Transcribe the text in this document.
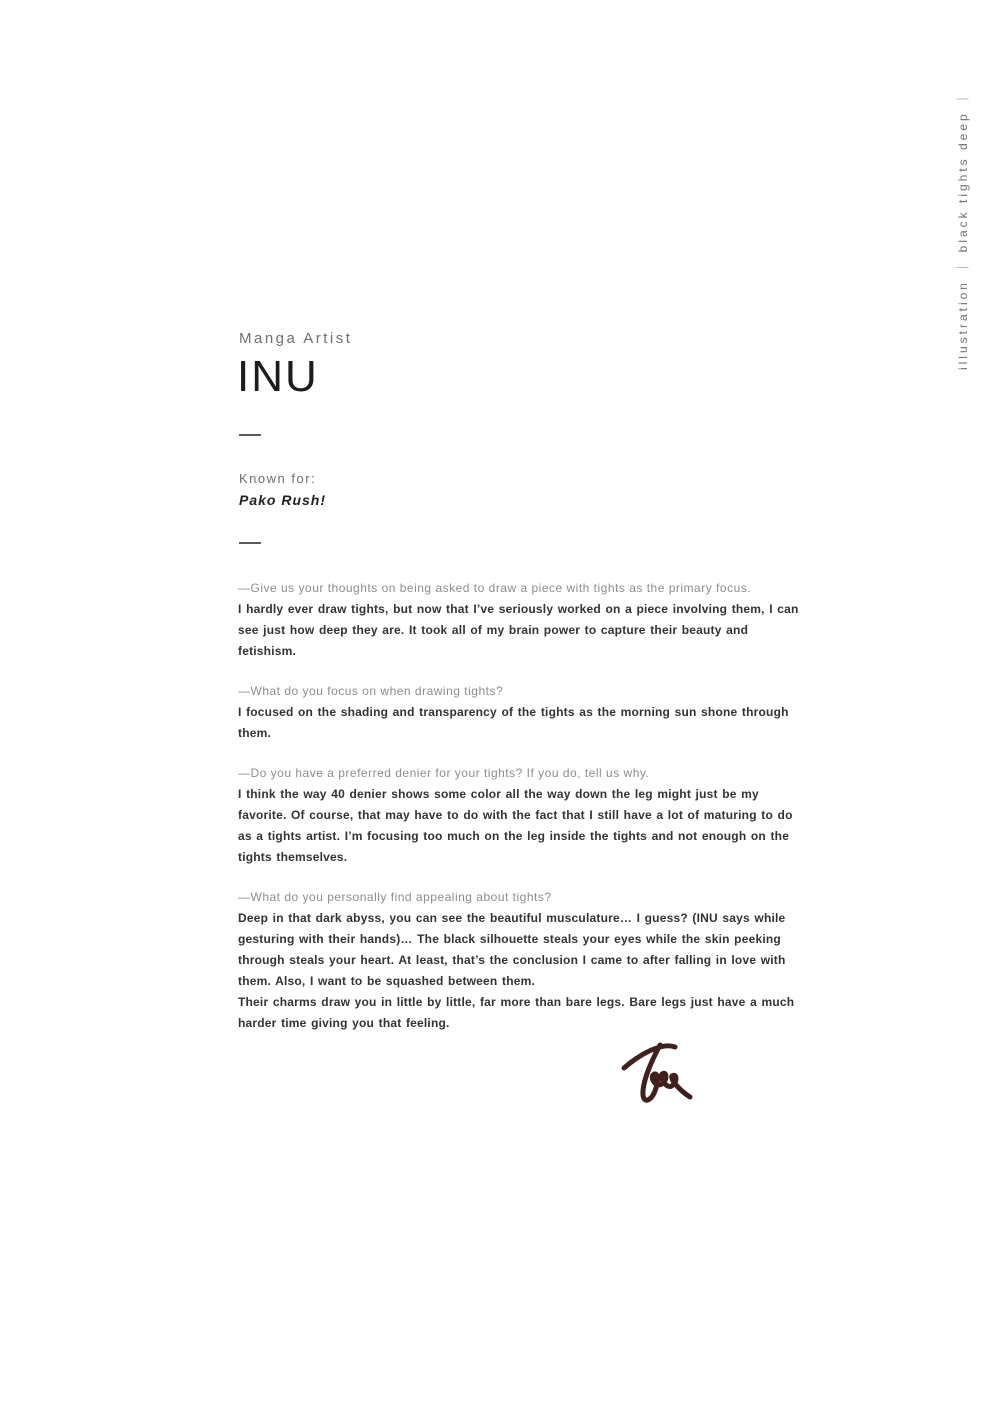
illustration ｜ black tights deep ｜
Manga Artist
INU
Known for:
Pako Rush!

—Give us your thoughts on being asked to draw a piece with tights as the primary focus.

I hardly ever draw tights, but now that I’ve seriously worked on a piece involving them, I can see just how deep they are. It took all of my brain power to capture their beauty and fetishism.

—What do you focus on when drawing tights?

I focused on the shading and transparency of the tights as the morning sun shone through them.

—Do you have a preferred denier for your tights? If you do, tell us why.

I think the way 40 denier shows some color all the way down the leg might just be my favorite. Of course, that may have to do with the fact that I still have a lot of maturing to do as a tights artist. I’m focusing too much on the leg inside the tights and not enough on the tights themselves.

—What do you personally find appealing about tights?

Deep in that dark abyss, you can see the beautiful musculature… I guess? (INU says while gesturing with their hands)… The black silhouette steals your eyes while the skin peeking through steals your heart. At least, that’s the conclusion I came to after falling in love with them. Also, I want to be squashed between them.

Their charms draw you in little by little, far more than bare legs. Bare legs just have a much harder time giving you that feeling.
